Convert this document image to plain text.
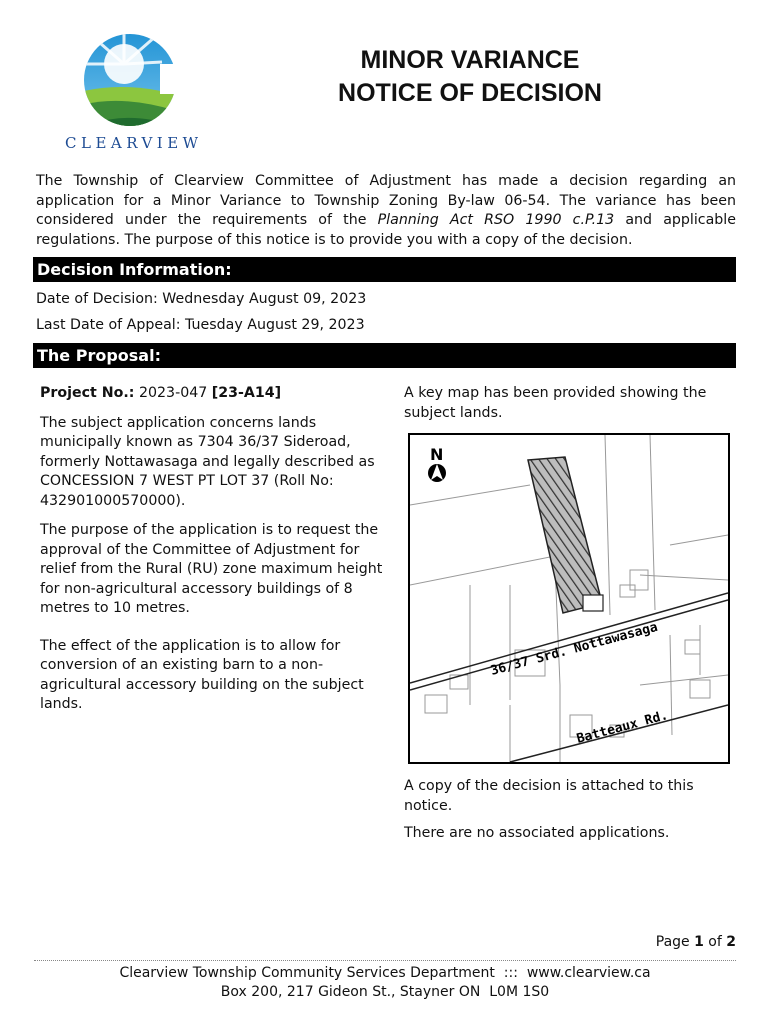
CLEARVIEW
MINOR VARIANCE
NOTICE OF DECISION
The Township of Clearview Committee of Adjustment has made a decision regarding an application for a Minor Variance to Township Zoning By-law 06-54. The variance has been considered under the requirements of the Planning Act RSO 1990 c.P.13 and applicable regulations. The purpose of this notice is to provide you with a copy of the decision.
Decision Information:
Date of Decision: Wednesday August 09, 2023
Last Date of Appeal: Tuesday August 29, 2023
The Proposal:

Project No.: 2023-047 [23-A14]

The subject application concerns lands municipally known as 7304 36/37 Sideroad, formerly Nottawasaga and legally described as CONCESSION 7 WEST PT LOT 37 (Roll No: 432901000570000).

The purpose of the application is to request the approval of the Committee of Adjustment for relief from the Rural (RU) zone maximum height for non-agricultural accessory buildings of 8 metres to 10 metres.

The effect of the application is to allow for conversion of an existing barn to a non-agricultural accessory building on the subject lands.

A key map has been provided showing the subject lands.

N
36/37 Srd. Nottawasaga
Batteaux Rd.

A copy of the decision is attached to this notice.

There are no associated applications.

Page 1 of 2
Clearview Township Community Services Department  :::  www.clearview.ca
Box 200, 217 Gideon St., Stayner ON  L0M 1S0
